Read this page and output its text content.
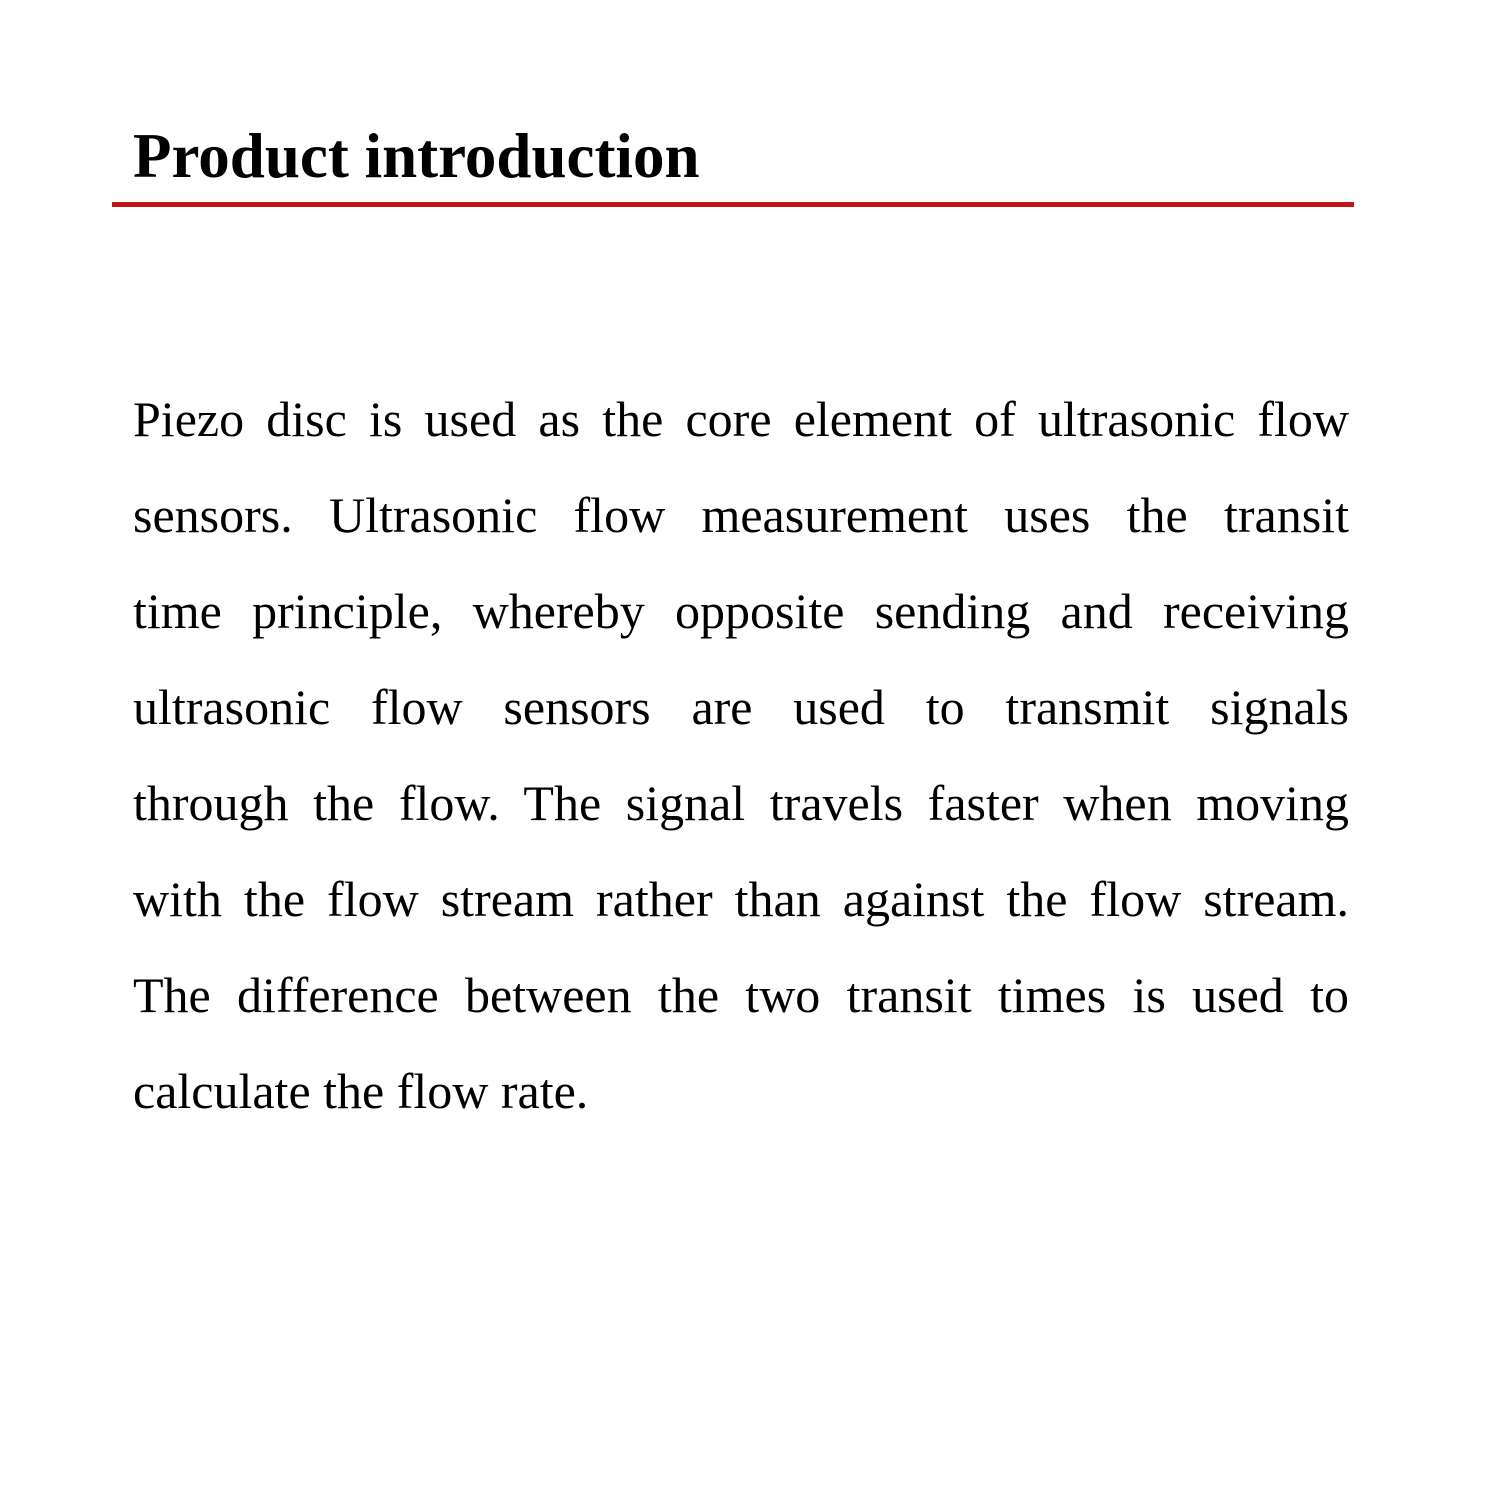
Product introduction
Piezo disc is used as the core element of ultrasonic flow
sensors. Ultrasonic flow measurement uses the transit
time principle, whereby opposite sending and receiving
ultrasonic flow sensors are used to transmit signals
through the flow. The signal travels faster when moving
with the flow stream rather than against the flow stream.
The difference between the two transit times is used to
calculate the flow rate.
